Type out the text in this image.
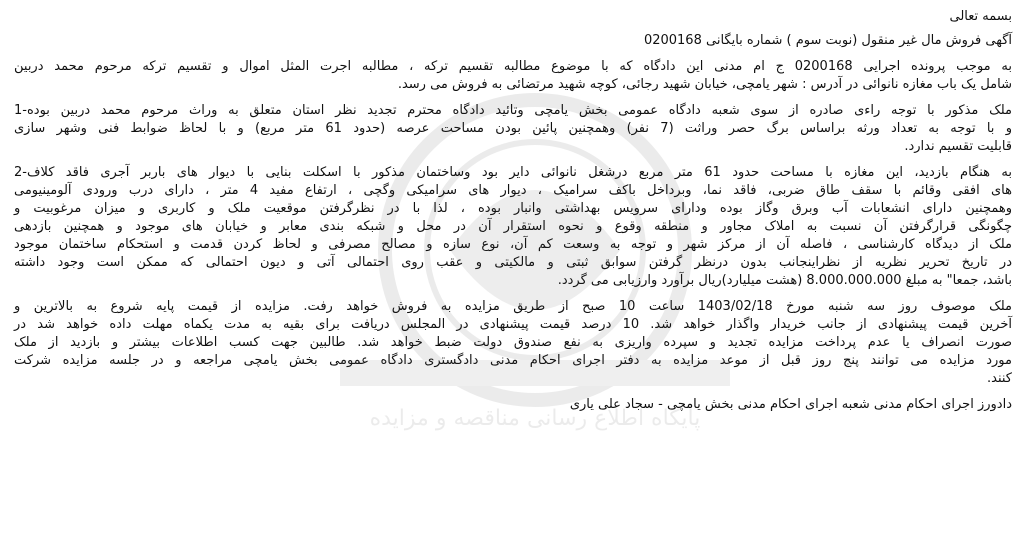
پایگاه اطلاع رسانی مناقصه و مزایده
بسمه تعالی
آگهی فروش مال غیر منقول (نوبت سوم ) شماره بایگانی 0200168
به موجب پرونده اجرایی 0200168 ج ام مدنی این دادگاه که با موضوع مطالبه تقسیم ترکه ، مطالبه اجرت المثل اموال و تقسیم ترکه مرحوم محمد دربین
شامل یک باب مغازه نانوائی در آدرس : شهر یامچی، خیابان شهید رجائی، کوچه شهید مرتضائی به فروش می رسد.
ملک مذکور با توجه راءی صادره از سوی شعبه دادگاه عمومی بخش یامچی وتائید دادگاه محترم تجدید نظر استان متعلق به وراث مرحوم محمد دربین بوده-1
و با توجه به تعداد ورثه براساس برگ حصر وراثت (7 نفر) وهمچنین پائین بودن مساحت عرصه (حدود 61 متر مربع) و با لحاظ ضوابط فنی وشهر سازی
قابلیت تقسیم ندارد.
به هنگام بازدید، این مغازه با مساحت حدود 61 متر مربع درشغل نانوائی دایر بود وساختمان مذکور با اسکلت بنایی با دیوار های باربر آجری فاقد کلاف-2
های افقی وقائم با سقف طاق ضربی، فاقد نما، وبرداخل باکف سرامیک ، دیوار های سرامیکی وگچی ، ارتفاع مفید 4 متر ، دارای درب ورودی آلومینیومی
وهمچنین دارای انشعابات آب وبرق وگاز بوده ودارای سرویس بهداشتی وانبار بوده ، لذا با در نظرگرفتن موقعیت ملک و کاربری و میزان مرغوبیت و
چگونگی قرارگرفتن آن نسبت به املاک مجاور و منطقه وقوع و نحوه استقرار آن در محل و شبکه بندی معابر و خیابان های موجود و همچنین بازدهی
ملک از دیدگاه کارشناسی ، فاصله آن از مرکز شهر و توجه به وسعت کم آن، نوع سازه و مصالح مصرفی و لحاظ کردن قدمت و استحکام ساختمان موجود
در تاریخ تحریر نظریه از نظراینجانب بدون درنظر گرفتن سوابق ثبتی و مالکیتی و عقب روی احتمالی آتی و دیون احتمالی که ممکن است وجود داشته
باشد، جمعا" به مبلغ 8.000.000.000 (هشت میلیارد)ریال برآورد وارزیابی می گردد.
ملک موصوف روز سه شنبه مورخ 1403/02/18 ساعت 10 صبح از طریق مزایده به فروش خواهد رفت. مزایده از قیمت پایه شروع به بالاترین و
آخرین قیمت پیشنهادی از جانب خریدار واگذار خواهد شد. 10 درصد قیمت پیشنهادی در المجلس دریافت برای بقیه به مدت یکماه مهلت داده خواهد شد در
صورت انصراف یا عدم پرداخت مزایده تجدید و سپرده واریزی به نفع صندوق دولت ضبط خواهد شد. طالبین جهت کسب اطلاعات بیشتر و بازدید از ملک
مورد مزایده می توانند پنج روز قبل از موعد مزایده به دفتر اجرای احکام مدنی دادگستری دادگاه عمومی بخش یامچی مراجعه و در جلسه مزایده شرکت
کنند.
دادورز اجرای احکام مدنی شعبه اجرای احکام مدنی بخش یامچی - سجاد علی یاری
